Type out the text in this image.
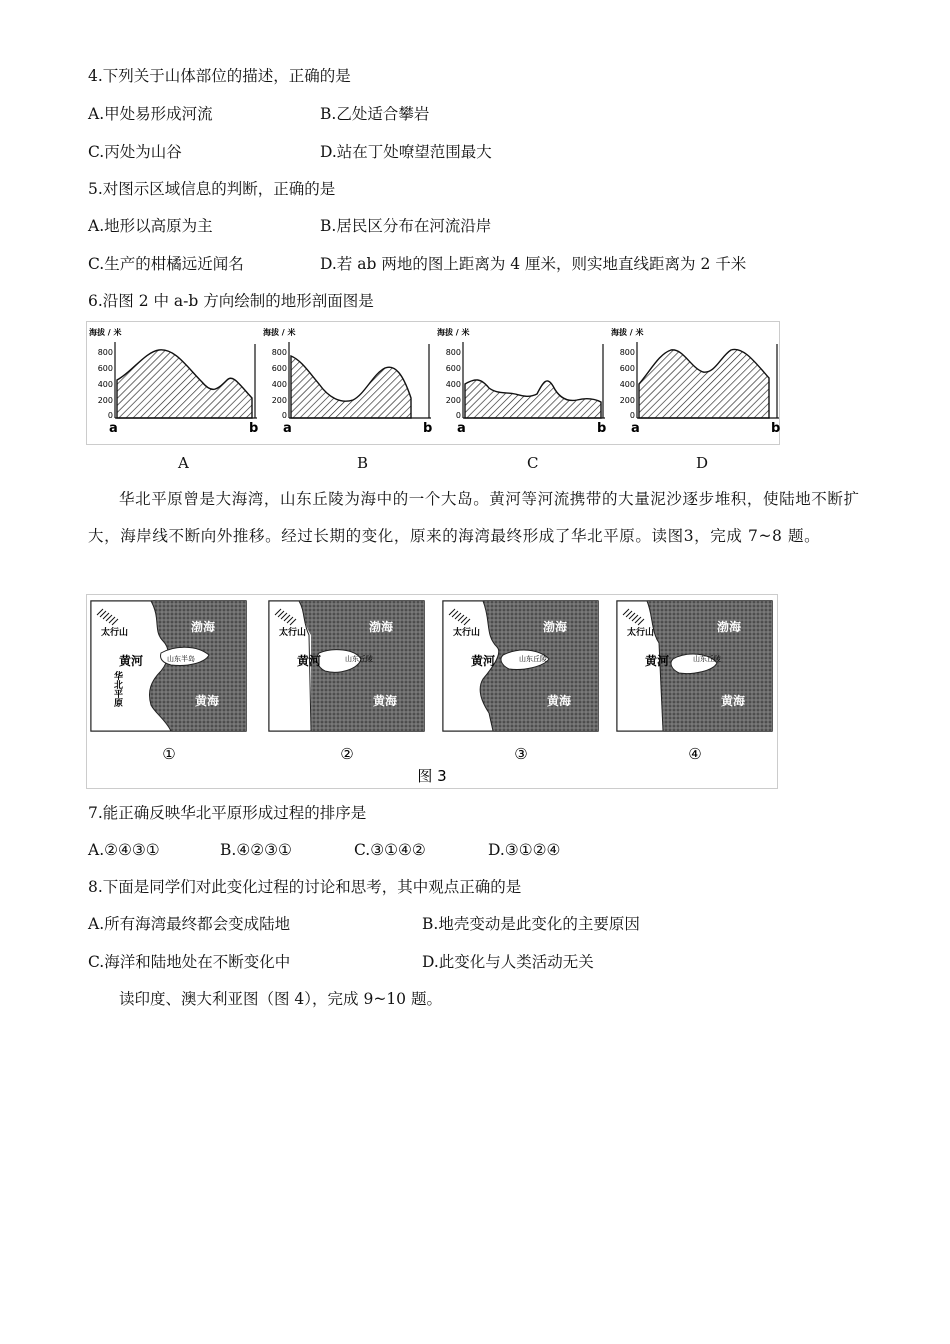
4.下列关于山体部位的描述，正确的是
A.甲处易形成河流	B.乙处适合攀岩
C.丙处为山谷	D.站在丁处嘹望范围最大
5.对图示区域信息的判断，正确的是
A.地形以高原为主	B.居民区分布在河流沿岸
C.生产的柑橘远近闻名	D.若 ab 两地的图上距离为 4 厘米，则实地直线距离为 2 千米
6.沿图 2 中 a-b 方向绘制的地形剖面图是
海拔 / 米
800
600
400
200
0
a	b
海拔 / 米
800
600
400
200
0
a	b
海拔 / 米
800
600
400
200
0
a	b
海拔 / 米
800
600
400
200
0
a	b
A	B	C	D
华北平原曾是大海湾，山东丘陵为海中的一个大岛。黄河等河流携带的大量泥沙逐步堆积，使陆地不断扩大，海岸线不断向外推移。经过长期的变化，原来的海湾最终形成了华北平原。读图3，完成 7~8 题。
太行山
华北平原
黄河	山东半岛
渤海
黄海
①
太行山
黄河	山东丘陵
渤海
黄海
②
太行山
黄河	山东丘陵
渤海
黄海
③
太行山
黄河	山东丘陵
渤海
黄海
④
图 3
7.能正确反映华北平原形成过程的排序是
A.②④③①	B.④②③①	C.③①④②	D.③①②④
8.下面是同学们对此变化过程的讨论和思考，其中观点正确的是
A.所有海湾最终都会变成陆地	B.地壳变动是此变化的主要原因
C.海洋和陆地处在不断变化中	D.此变化与人类活动无关
读印度、澳大利亚图（图 4），完成 9~10 题。
